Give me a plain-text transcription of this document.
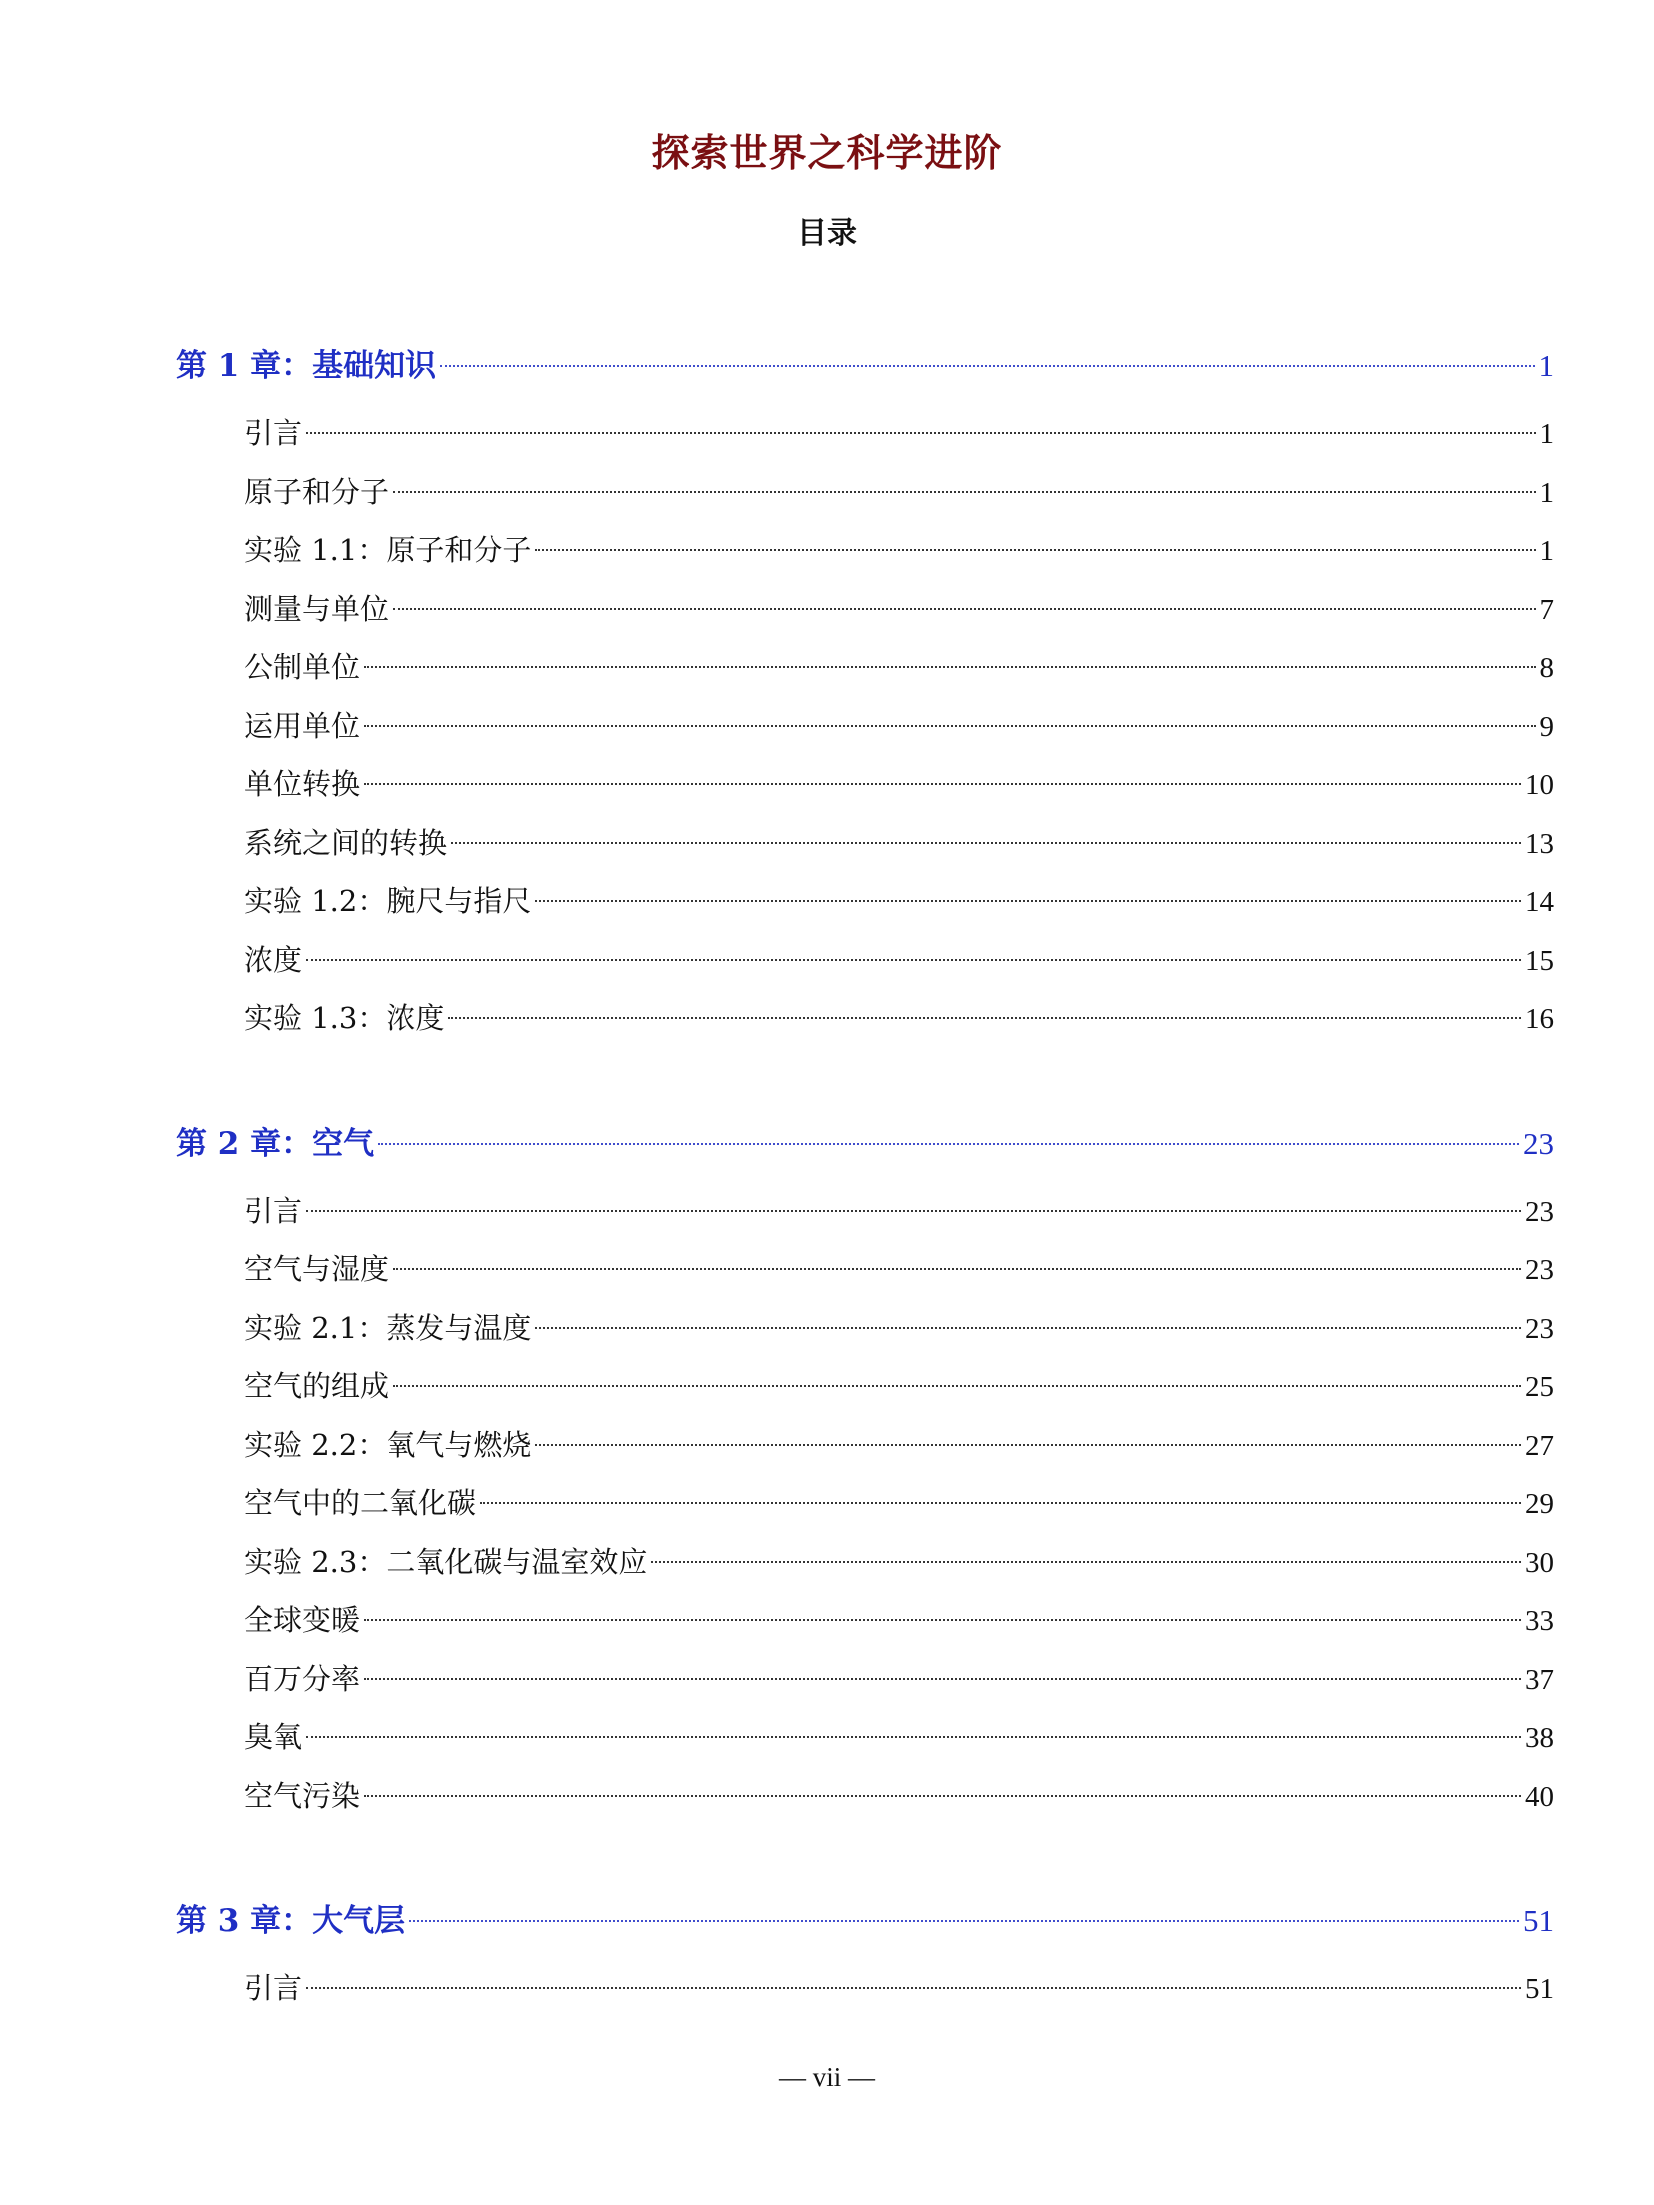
探索世界之科学进阶
目录
第 1 章：基础知识	1
引言	1
原子和分子	1
实验 1.1：原子和分子	1
测量与单位	7
公制单位	8
运用单位	9
单位转换	10
系统之间的转换	13
实验 1.2：腕尺与指尺	14
浓度	15
实验 1.3：浓度	16
第 2 章：空气	23
引言	23
空气与湿度	23
实验 2.1：蒸发与温度	23
空气的组成	25
实验 2.2：氧气与燃烧	27
空气中的二氧化碳	29
实验 2.3：二氧化碳与温室效应	30
全球变暖	33
百万分率	37
臭氧	38
空气污染	40
第 3 章：大气层	51
引言	51
— vii —
